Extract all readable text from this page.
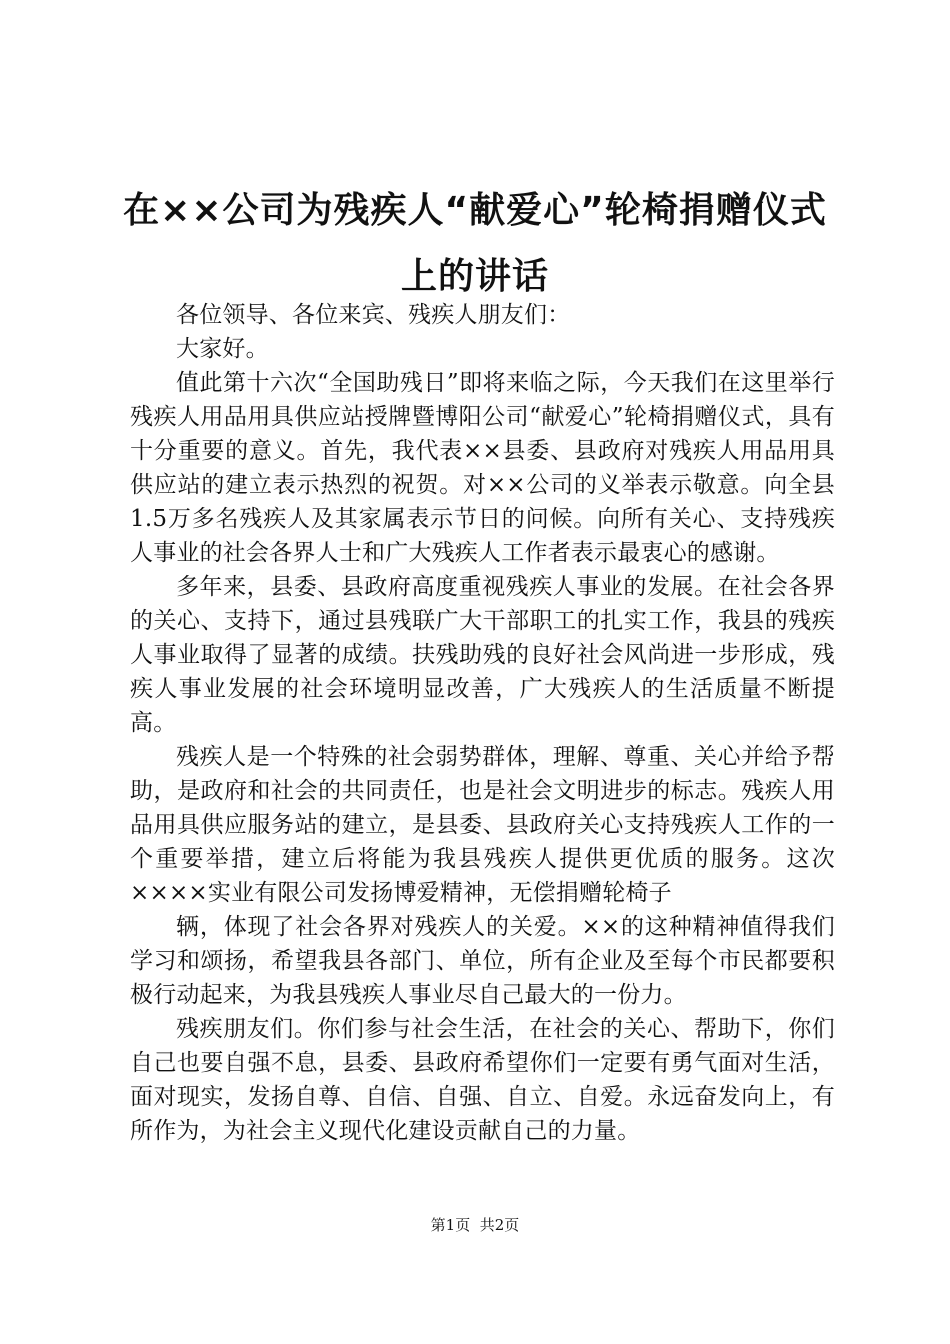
在××公司为残疾人“献爱心”轮椅捐赠仪式上的讲话

各位领导、各位来宾、残疾人朋友们：

大家好。

值此第十六次“全国助残日”即将来临之际，今天我们在这里举行残疾人用品用具供应站授牌暨博阳公司“献爱心”轮椅捐赠仪式，具有十分重要的意义。首先，我代表××县委、县政府对残疾人用品用具供应站的建立表示热烈的祝贺。对××公司的义举表示敬意。向全县1.5万多名残疾人及其家属表示节日的问候。向所有关心、支持残疾人事业的社会各界人士和广大残疾人工作者表示最衷心的感谢。

多年来，县委、县政府高度重视残疾人事业的发展。在社会各界的关心、支持下，通过县残联广大干部职工的扎实工作，我县的残疾人事业取得了显著的成绩。扶残助残的良好社会风尚进一步形成，残疾人事业发展的社会环境明显改善，广大残疾人的生活质量不断提高。

残疾人是一个特殊的社会弱势群体，理解、尊重、关心并给予帮助，是政府和社会的共同责任，也是社会文明进步的标志。残疾人用品用具供应服务站的建立，是县委、县政府关心支持残疾人工作的一个重要举措，建立后将能为我县残疾人提供更优质的服务。这次××××实业有限公司发扬博爱精神，无偿捐赠轮椅子

辆，体现了社会各界对残疾人的关爱。××的这种精神值得我们学习和颂扬，希望我县各部门、单位，所有企业及至每个市民都要积极行动起来，为我县残疾人事业尽自己最大的一份力。

残疾朋友们。你们参与社会生活，在社会的关心、帮助下，你们自己也要自强不息，县委、县政府希望你们一定要有勇气面对生活，面对现实，发扬自尊、自信、自强、自立、自爱。永远奋发向上，有所作为，为社会主义现代化建设贡献自己的力量。

第1页 共2页
